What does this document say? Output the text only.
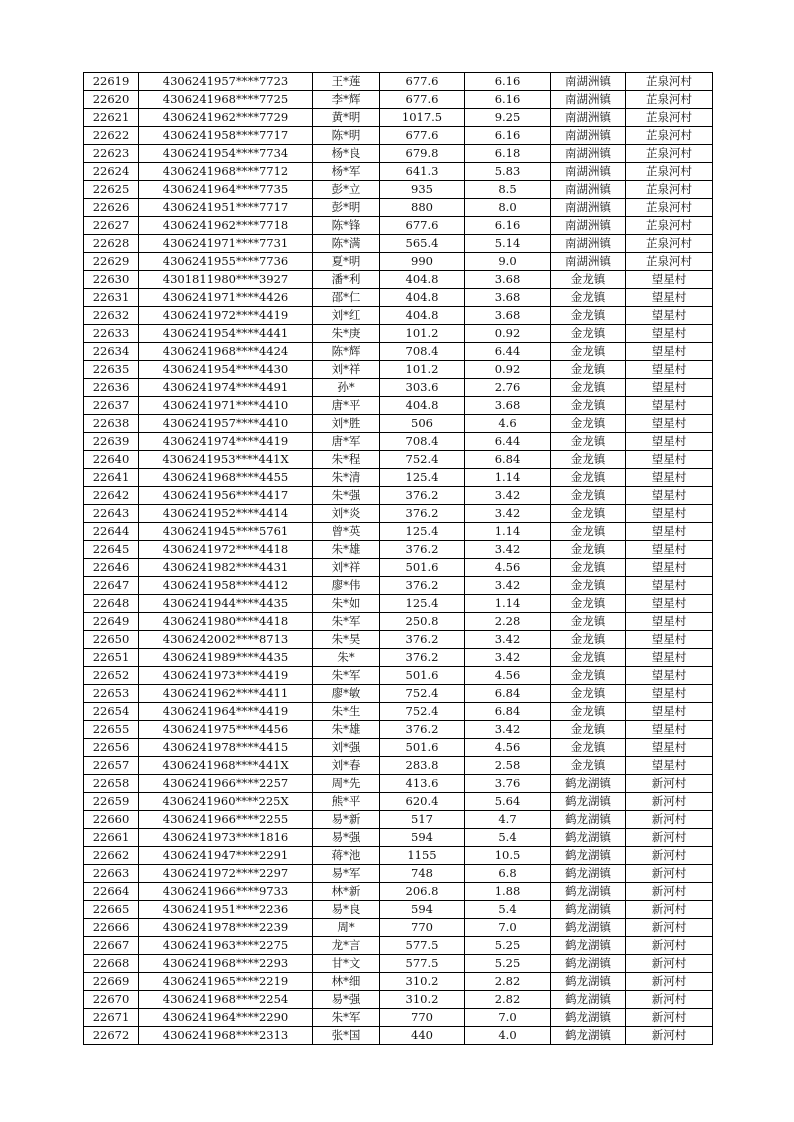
22619	4306241957****7723	王*莲	677.6	6.16	南湖洲镇	芷泉河村
22620	4306241968****7725	李*辉	677.6	6.16	南湖洲镇	芷泉河村
22621	4306241962****7729	黄*明	1017.5	9.25	南湖洲镇	芷泉河村
22622	4306241958****7717	陈*明	677.6	6.16	南湖洲镇	芷泉河村
22623	4306241954****7734	杨*良	679.8	6.18	南湖洲镇	芷泉河村
22624	4306241968****7712	杨*军	641.3	5.83	南湖洲镇	芷泉河村
22625	4306241964****7735	彭*立	935	8.5	南湖洲镇	芷泉河村
22626	4306241951****7717	彭*明	880	8.0	南湖洲镇	芷泉河村
22627	4306241962****7718	陈*锋	677.6	6.16	南湖洲镇	芷泉河村
22628	4306241971****7731	陈*满	565.4	5.14	南湖洲镇	芷泉河村
22629	4306241955****7736	夏*明	990	9.0	南湖洲镇	芷泉河村
22630	4301811980****3927	潘*利	404.8	3.68	金龙镇	望星村
22631	4306241971****4426	邵*仁	404.8	3.68	金龙镇	望星村
22632	4306241972****4419	刘*红	404.8	3.68	金龙镇	望星村
22633	4306241954****4441	朱*庚	101.2	0.92	金龙镇	望星村
22634	4306241968****4424	陈*辉	708.4	6.44	金龙镇	望星村
22635	4306241954****4430	刘*祥	101.2	0.92	金龙镇	望星村
22636	4306241974****4491	孙*	303.6	2.76	金龙镇	望星村
22637	4306241971****4410	唐*平	404.8	3.68	金龙镇	望星村
22638	4306241957****4410	刘*胜	506	4.6	金龙镇	望星村
22639	4306241974****4419	唐*军	708.4	6.44	金龙镇	望星村
22640	4306241953****441X	朱*程	752.4	6.84	金龙镇	望星村
22641	4306241968****4455	朱*清	125.4	1.14	金龙镇	望星村
22642	4306241956****4417	朱*强	376.2	3.42	金龙镇	望星村
22643	4306241952****4414	刘*炎	376.2	3.42	金龙镇	望星村
22644	4306241945****5761	曾*英	125.4	1.14	金龙镇	望星村
22645	4306241972****4418	朱*雄	376.2	3.42	金龙镇	望星村
22646	4306241982****4431	刘*祥	501.6	4.56	金龙镇	望星村
22647	4306241958****4412	廖*伟	376.2	3.42	金龙镇	望星村
22648	4306241944****4435	朱*如	125.4	1.14	金龙镇	望星村
22649	4306241980****4418	朱*军	250.8	2.28	金龙镇	望星村
22650	4306242002****8713	朱*昊	376.2	3.42	金龙镇	望星村
22651	4306241989****4435	朱*	376.2	3.42	金龙镇	望星村
22652	4306241973****4419	朱*军	501.6	4.56	金龙镇	望星村
22653	4306241962****4411	廖*敏	752.4	6.84	金龙镇	望星村
22654	4306241964****4419	朱*生	752.4	6.84	金龙镇	望星村
22655	4306241975****4456	朱*雄	376.2	3.42	金龙镇	望星村
22656	4306241978****4415	刘*强	501.6	4.56	金龙镇	望星村
22657	4306241968****441X	刘*春	283.8	2.58	金龙镇	望星村
22658	4306241966****2257	周*先	413.6	3.76	鹤龙湖镇	新河村
22659	4306241960****225X	熊*平	620.4	5.64	鹤龙湖镇	新河村
22660	4306241966****2255	易*新	517	4.7	鹤龙湖镇	新河村
22661	4306241973****1816	易*强	594	5.4	鹤龙湖镇	新河村
22662	4306241947****2291	蒋*池	1155	10.5	鹤龙湖镇	新河村
22663	4306241972****2297	易*军	748	6.8	鹤龙湖镇	新河村
22664	4306241966****9733	林*新	206.8	1.88	鹤龙湖镇	新河村
22665	4306241951****2236	易*良	594	5.4	鹤龙湖镇	新河村
22666	4306241978****2239	周*	770	7.0	鹤龙湖镇	新河村
22667	4306241963****2275	龙*言	577.5	5.25	鹤龙湖镇	新河村
22668	4306241968****2293	甘*文	577.5	5.25	鹤龙湖镇	新河村
22669	4306241965****2219	林*细	310.2	2.82	鹤龙湖镇	新河村
22670	4306241968****2254	易*强	310.2	2.82	鹤龙湖镇	新河村
22671	4306241964****2290	朱*军	770	7.0	鹤龙湖镇	新河村
22672	4306241968****2313	张*国	440	4.0	鹤龙湖镇	新河村
